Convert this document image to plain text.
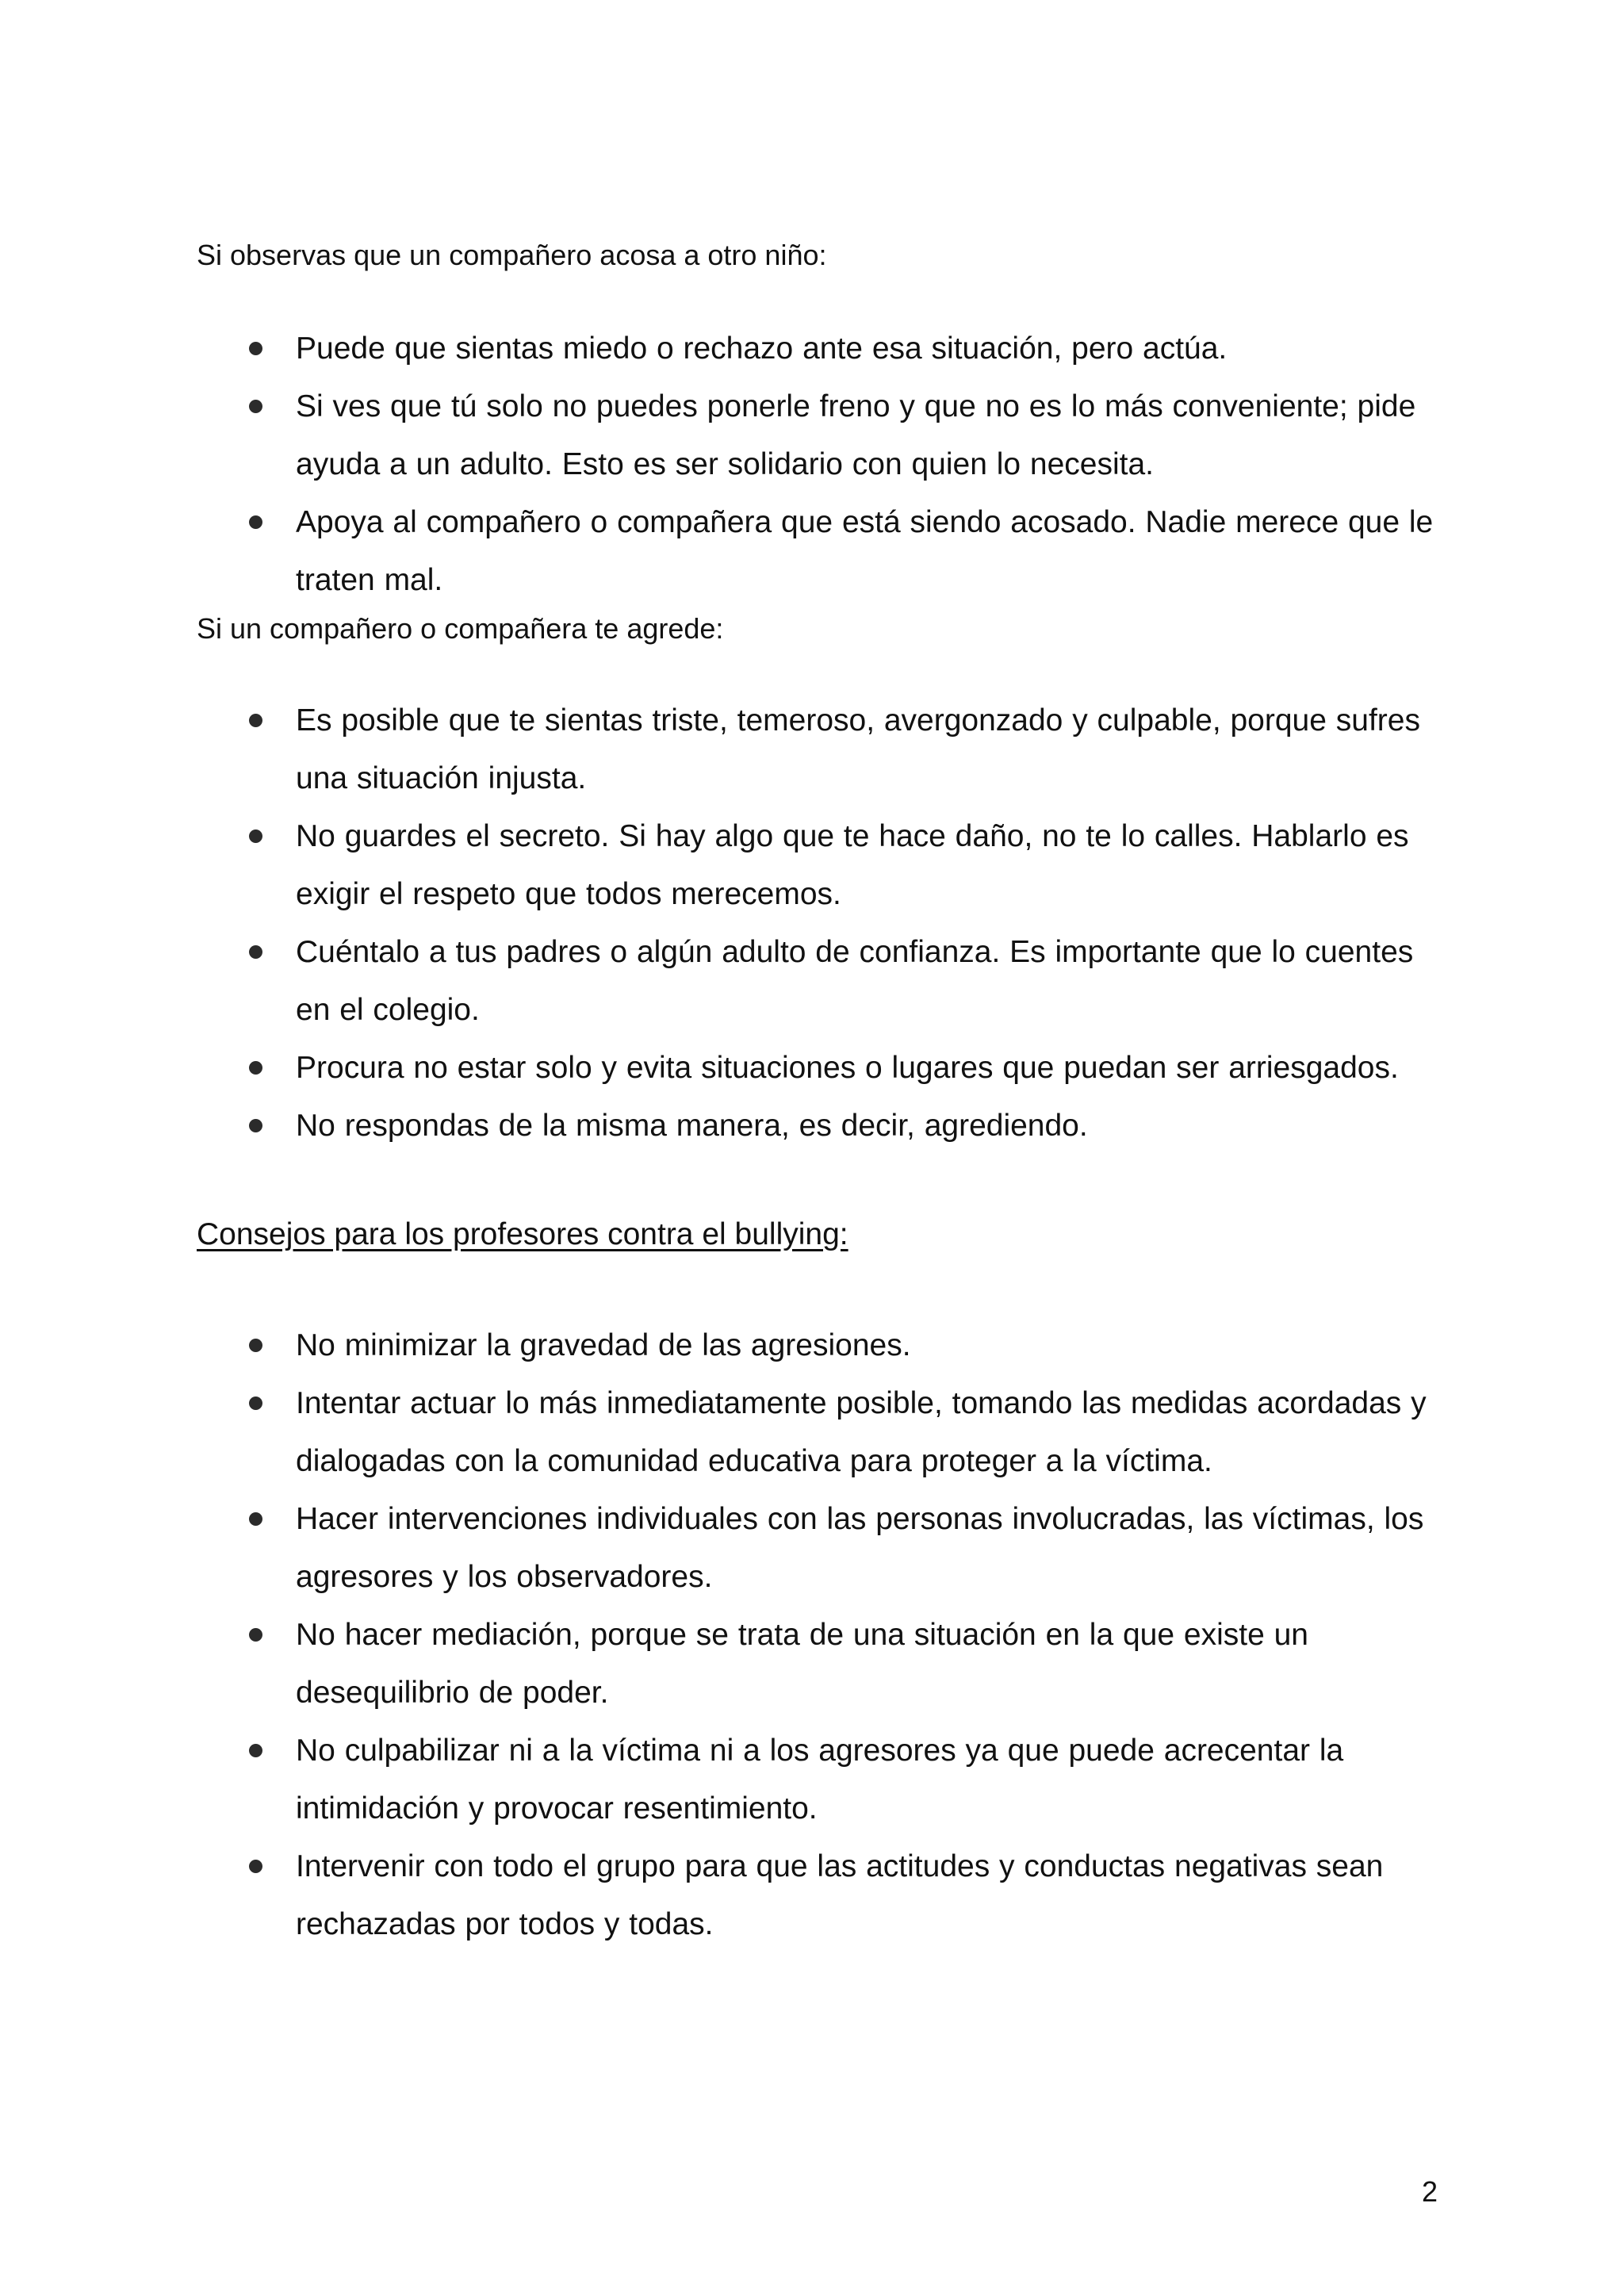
Si observas que un compañero acosa a otro niño:
Puede que sientas miedo o rechazo ante esa situación, pero actúa.
Si ves que tú solo no puedes ponerle freno y que no es lo más conveniente; pide ayuda a un adulto. Esto es ser solidario con quien lo necesita.
Apoya al compañero o compañera que está siendo acosado. Nadie merece que le traten mal.
Si un compañero o compañera te agrede:
Es posible que te sientas triste, temeroso, avergonzado y culpable, porque sufres una situación injusta.
No guardes el secreto. Si hay algo que te hace daño, no te lo calles. Hablarlo es exigir el respeto que todos merecemos.
Cuéntalo a tus padres o algún adulto de confianza. Es importante que lo cuentes en el colegio.
Procura no estar solo y evita situaciones o lugares que puedan ser arriesgados.
No respondas de la misma manera, es decir, agrediendo.
Consejos para los profesores contra el bullying:
No minimizar la gravedad de las agresiones.
Intentar actuar lo más inmediatamente posible, tomando las medidas acordadas y dialogadas con la comunidad educativa para proteger a la víctima.
Hacer intervenciones individuales con las personas involucradas, las víctimas, los agresores y los observadores.
No hacer mediación, porque se trata de una situación en la que existe un desequilibrio de poder.
No culpabilizar ni a la víctima ni a los agresores ya que puede acrecentar la intimidación y provocar resentimiento.
Intervenir con todo el grupo para que las actitudes y conductas negativas sean rechazadas por todos y todas.
2
